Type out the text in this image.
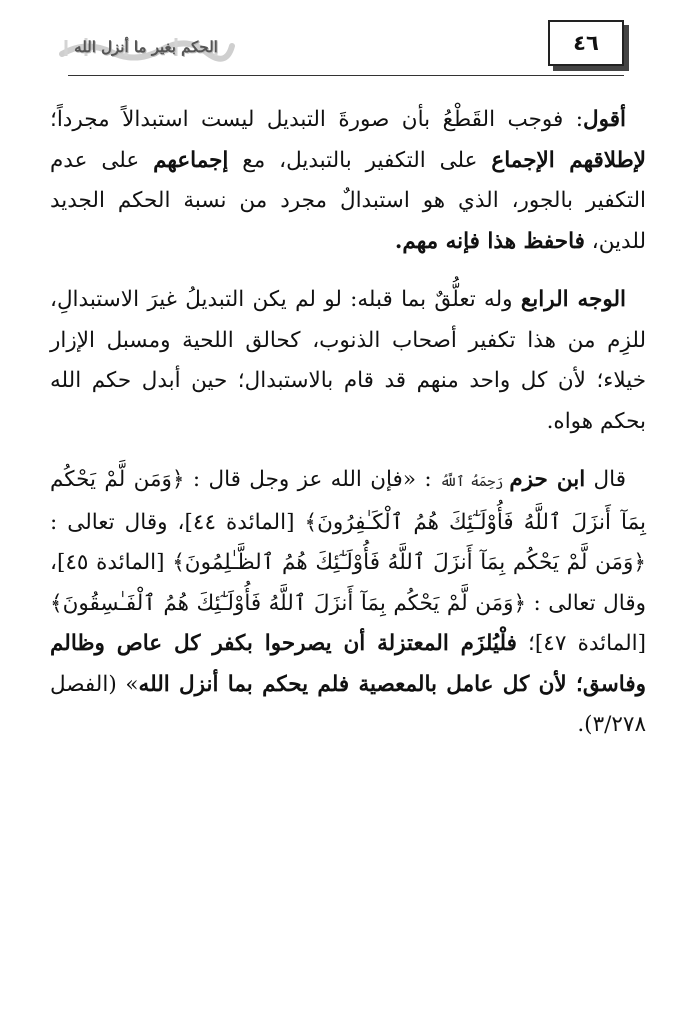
الحكم بغير ما أنزل الله	٤٦

أقول: فوجب القَطْعُ بأن صورةَ التبديل ليست استبدالاً مجرداً؛ لإطلاقهم الإجماع على التكفير بالتبديل، مع إجماعهم على عدم التكفير بالجور، الذي هو استبدالٌ مجرد من نسبة الحكم الجديد للدين، فاحفظ هذا فإنه مهم.

الوجه الرابع وله تعلُّقٌ بما قبله: لو لم يكن التبديلُ غيرَ الاستبدالِ، للزِم من هذا تكفير أصحاب الذنوب، كحالق اللحية ومسبل الإزار خيلاء؛ لأن كل واحد منهم قد قام بالاستبدال؛ حين أبدل حكم الله بحكم هواه.

قال ابن حزم رَحِمَهُ ٱللَّهُ : «فإن الله عز وجل قال : ﴿وَمَن لَّمْ يَحْكُم بِمَآ أَنزَلَ ٱللَّهُ فَأُوْلَـٰٓئِكَ هُمُ ٱلْكَـٰفِرُونَ﴾ [المائدة ٤٤]، وقال تعالى : ﴿وَمَن لَّمْ يَحْكُم بِمَآ أَنزَلَ ٱللَّهُ فَأُوْلَـٰٓئِكَ هُمُ ٱلظَّـٰلِمُونَ﴾ [المائدة ٤٥]، وقال تعالى : ﴿وَمَن لَّمْ يَحْكُم بِمَآ أَنزَلَ ٱللَّهُ فَأُوْلَـٰٓئِكَ هُمُ ٱلْفَـٰسِقُونَ﴾ [المائدة ٤٧]؛ فلْيُلزَم المعتزلة أن يصرحوا بكفر كل عاص وظالم وفاسق؛ لأن كل عامل بالمعصية فلم يحكم بما أنزل الله» (الفصل ٣/٢٧٨).
